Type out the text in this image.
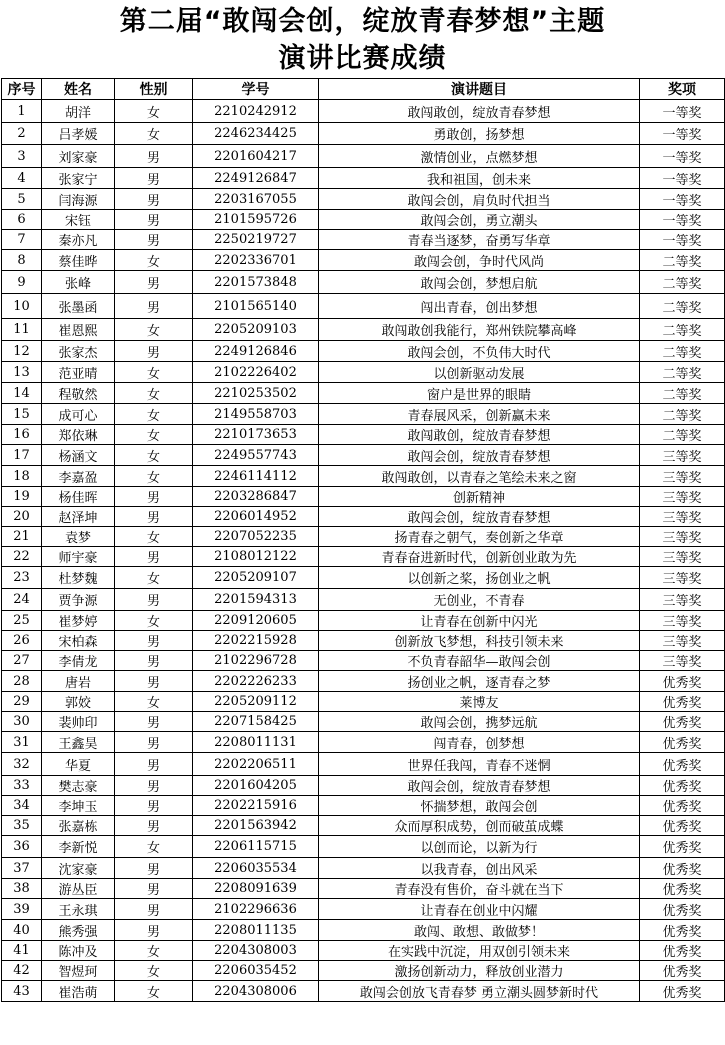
第二届“敢闯会创，绽放青春梦想”主题
演讲比赛成绩
序号	姓名	性别	学号	演讲题目	奖项
1	胡洋	女	2210242912	敢闯敢创，绽放青春梦想	一等奖
2	吕孝媛	女	2246234425	勇敢创，扬梦想	一等奖
3	刘家豪	男	2201604217	激情创业，点燃梦想	一等奖
4	张家宁	男	2249126847	我和祖国，创未来	一等奖
5	闫海源	男	2203167055	敢闯会创，肩负时代担当	一等奖
6	宋钰	男	2101595726	敢闯会创，勇立潮头	一等奖
7	秦亦凡	男	2250219727	青春当逐梦，奋勇写华章	一等奖
8	蔡佳晔	女	2202336701	敢闯会创，争时代风尚	二等奖
9	张峰	男	2201573848	敢闯会创，梦想启航	二等奖
10	张墨函	男	2101565140	闯出青春，创出梦想	二等奖
11	崔恩熙	女	2205209103	敢闯敢创我能行，郑州铁院攀高峰	二等奖
12	张家杰	男	2249126846	敢闯会创，不负伟大时代	二等奖
13	范亚晴	女	2102226402	以创新驱动发展	二等奖
14	程敬然	女	2210253502	窗户是世界的眼睛	二等奖
15	成可心	女	2149558703	青春展风采，创新赢未来	二等奖
16	郑依琳	女	2210173653	敢闯敢创，绽放青春梦想	二等奖
17	杨涵文	女	2249557743	敢闯会创，绽放青春梦想	三等奖
18	李嘉盈	女	2246114112	敢闯敢创，以青春之笔绘未来之窗	三等奖
19	杨佳晖	男	2203286847	创新精神	三等奖
20	赵泽坤	男	2206014952	敢闯会创，绽放青春梦想	三等奖
21	袁梦	女	2207052235	扬青春之朝气，奏创新之华章	三等奖
22	师宇豪	男	2108012122	青春奋进新时代，创新创业敢为先	三等奖
23	杜梦魏	女	2205209107	以创新之桨，扬创业之帆	三等奖
24	贾争源	男	2201594313	无创业，不青春	三等奖
25	崔梦婷	女	2209120605	让青春在创新中闪光	三等奖
26	宋柏森	男	2202215928	创新放飞梦想，科技引领未来	三等奖
27	李倩龙	男	2102296728	不负青春韶华—敢闯会创	三等奖
28	唐岩	男	2202226233	扬创业之帆，逐青春之梦	优秀奖
29	郭姣	女	2205209112	莱博友	优秀奖
30	裴帅印	男	2207158425	敢闯会创，携梦远航	优秀奖
31	王鑫昊	男	2208011131	闯青春，创梦想	优秀奖
32	华夏	男	2202206511	世界任我闯，青春不迷惘	优秀奖
33	樊志豪	男	2201604205	敢闯会创，绽放青春梦想	优秀奖
34	李坤玉	男	2202215916	怀揣梦想，敢闯会创	优秀奖
35	张嘉栋	男	2201563942	众而厚积成势，创而破茧成蝶	优秀奖
36	李新悦	女	2206115715	以创而论，以新为行	优秀奖
37	沈家豪	男	2206035534	以我青春，创出风采	优秀奖
38	游丛臣	男	2208091639	青春没有售价，奋斗就在当下	优秀奖
39	王永琪	男	2102296636	让青春在创业中闪耀	优秀奖
40	熊秀强	男	2208011135	敢闯、敢想、敢做梦！	优秀奖
41	陈冲及	女	2204308003	在实践中沉淀，用双创引领未来	优秀奖
42	智煜珂	女	2206035452	激扬创新动力，释放创业潜力	优秀奖
43	崔浩萌	女	2204308006	敢闯会创放飞青春梦 勇立潮头圆梦新时代	优秀奖
